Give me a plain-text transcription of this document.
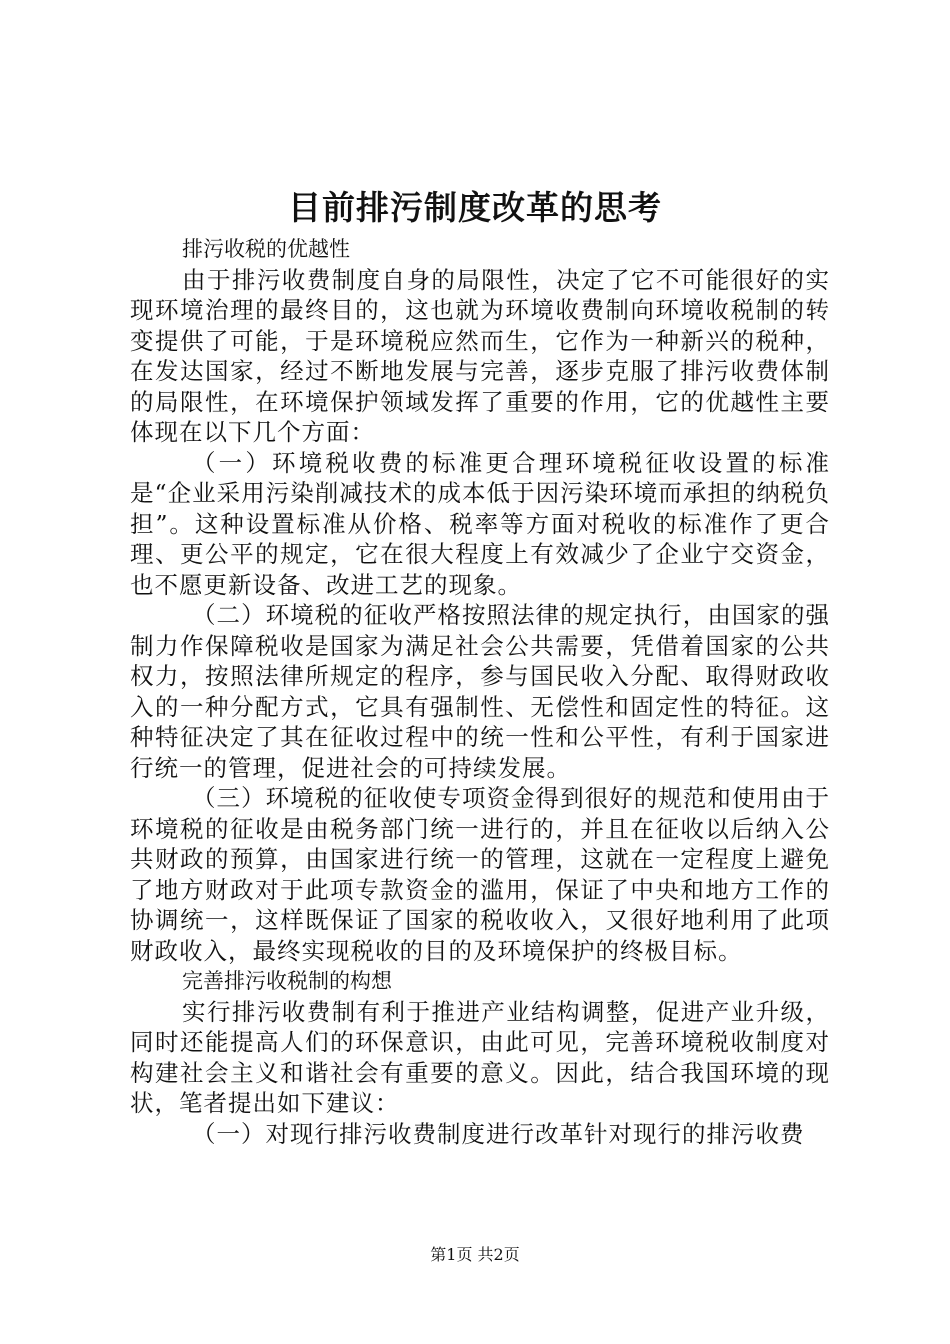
目前排污制度改革的思考

排污收税的优越性

由于排污收费制度自身的局限性，决定了它不可能很好的实现环境治理的最终目的，这也就为环境收费制向环境收税制的转变提供了可能，于是环境税应然而生，它作为一种新兴的税种，在发达国家，经过不断地发展与完善，逐步克服了排污收费体制的局限性，在环境保护领域发挥了重要的作用，它的优越性主要体现在以下几个方面：

（一）环境税收费的标准更合理环境税征收设置的标准是“企业采用污染削减技术的成本低于因污染环境而承担的纳税负担”。这种设置标准从价格、税率等方面对税收的标准作了更合理、更公平的规定，它在很大程度上有效减少了企业宁交资金，也不愿更新设备、改进工艺的现象。

（二）环境税的征收严格按照法律的规定执行，由国家的强制力作保障税收是国家为满足社会公共需要，凭借着国家的公共权力，按照法律所规定的程序，参与国民收入分配、取得财政收入的一种分配方式，它具有强制性、无偿性和固定性的特征。这种特征决定了其在征收过程中的统一性和公平性，有利于国家进行统一的管理，促进社会的可持续发展。

（三）环境税的征收使专项资金得到很好的规范和使用由于环境税的征收是由税务部门统一进行的，并且在征收以后纳入公共财政的预算，由国家进行统一的管理，这就在一定程度上避免了地方财政对于此项专款资金的滥用，保证了中央和地方工作的协调统一，这样既保证了国家的税收收入，又很好地利用了此项财政收入，最终实现税收的目的及环境保护的终极目标。

完善排污收税制的构想

实行排污收费制有利于推进产业结构调整，促进产业升级，同时还能提高人们的环保意识，由此可见，完善环境税收制度对构建社会主义和谐社会有重要的意义。因此，结合我国环境的现状，笔者提出如下建议：

（一）对现行排污收费制度进行改革针对现行的排污收费

第1页 共2页
